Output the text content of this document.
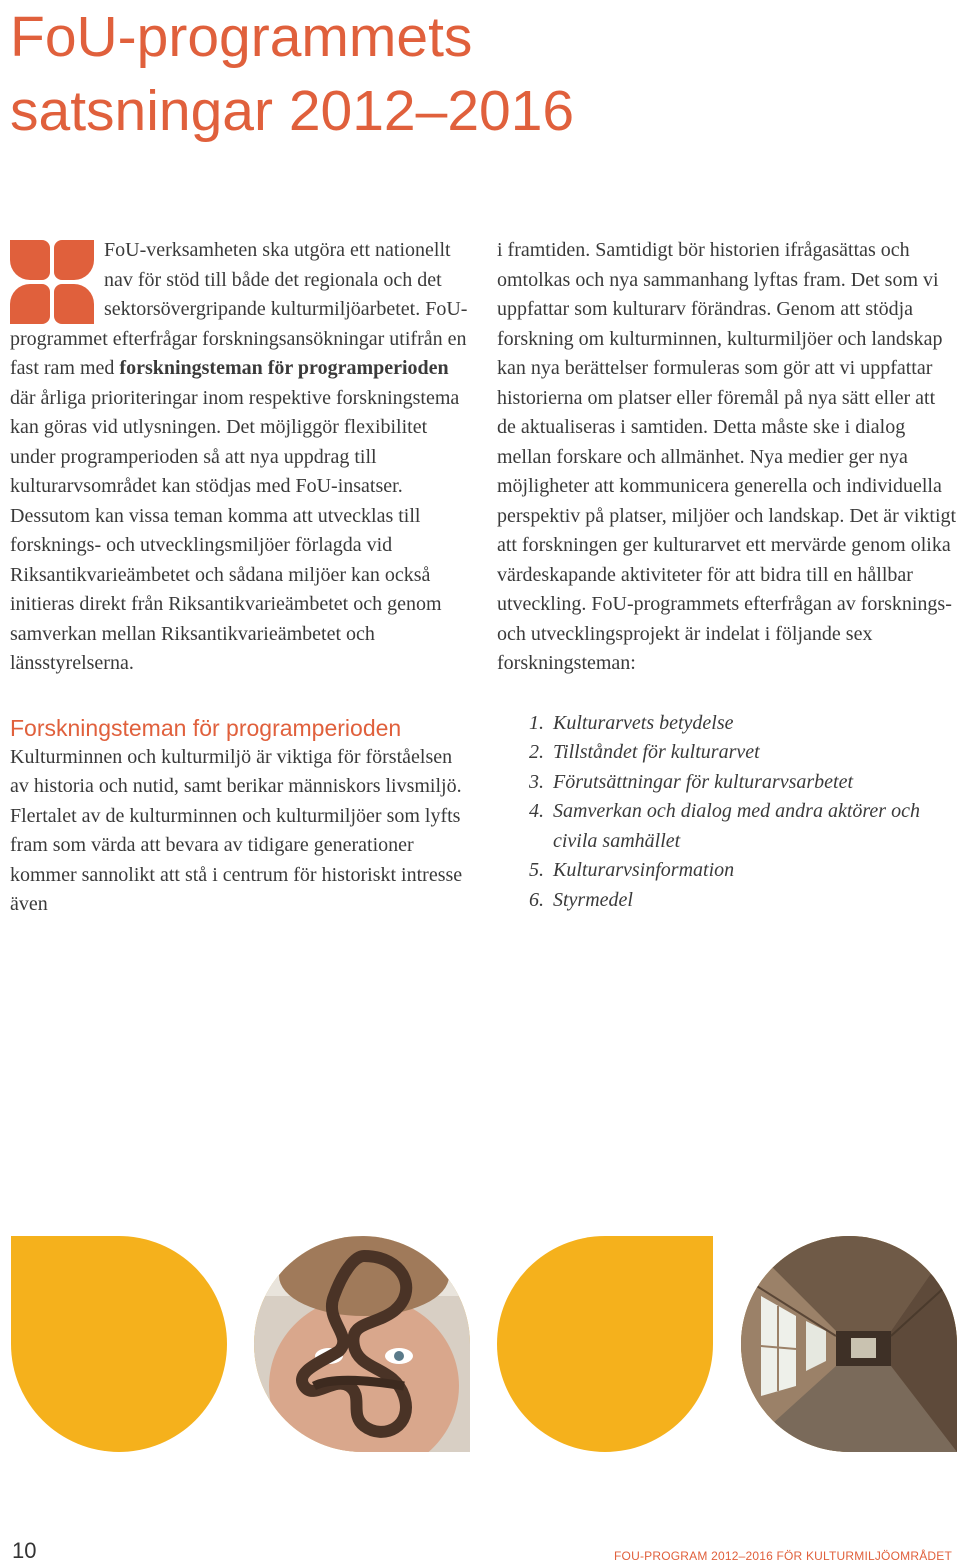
FoU-programmets
satsningar 2012–2016

FoU-verksamheten ska utgöra ett nationellt nav för stöd till både det regionala och det sektorsövergripande kulturmiljöarbetet. FoU-programmet efterfrågar forskningsansökningar utifrån en fast ram med forskningsteman för programperioden där årliga prioriteringar inom respektive forskningstema kan göras vid utlysningen. Det möjliggör flexibilitet under programperioden så att nya uppdrag till kulturarvsområdet kan stödjas med FoU-insatser. Dessutom kan vissa teman komma att utvecklas till forsknings- och utvecklingsmiljöer förlagda vid Riksantikvarieämbetet och sådana miljöer kan också initieras direkt från Riksantikvarieämbetet och genom samverkan mellan Riksantikvarieämbetet och länsstyrelserna.

Forskningsteman för programperioden

Kulturminnen och kulturmiljö är viktiga för förståelsen av historia och nutid, samt berikar människors livsmiljö. Flertalet av de kulturminnen och kulturmiljöer som lyfts fram som värda att bevara av tidigare generationer kommer sannolikt att stå i centrum för historiskt intresse även

i framtiden. Samtidigt bör historien ifrågasättas och omtolkas och nya sammanhang lyftas fram. Det som vi uppfattar som kulturarv förändras. Genom att stödja forskning om kulturminnen, kulturmiljöer och landskap kan nya berättelser formuleras som gör att vi uppfattar historierna om platser eller föremål på nya sätt eller att de aktualiseras i samtiden. Detta måste ske i dialog mellan forskare och allmänhet. Nya medier ger nya möjligheter att kommunicera generella och individuella perspektiv på platser, miljöer och landskap. Det är viktigt att forskningen ger kulturarvet ett mervärde genom olika värdeskapande aktiviteter för att bidra till en hållbar utveckling. FoU-programmets efterfrågan av forsknings- och utvecklingsprojekt är indelat i följande sex forskningsteman:

1. Kulturarvets betydelse
2. Tillståndet för kulturarvet
3. Förutsättningar för kulturarvsarbetet
4. Samverkan och dialog med andra aktörer och civila samhället
5. Kulturarvsinformation
6. Styrmedel
10	FOU-PROGRAM 2012–2016 FÖR KULTURMILJÖOMRÅDET
